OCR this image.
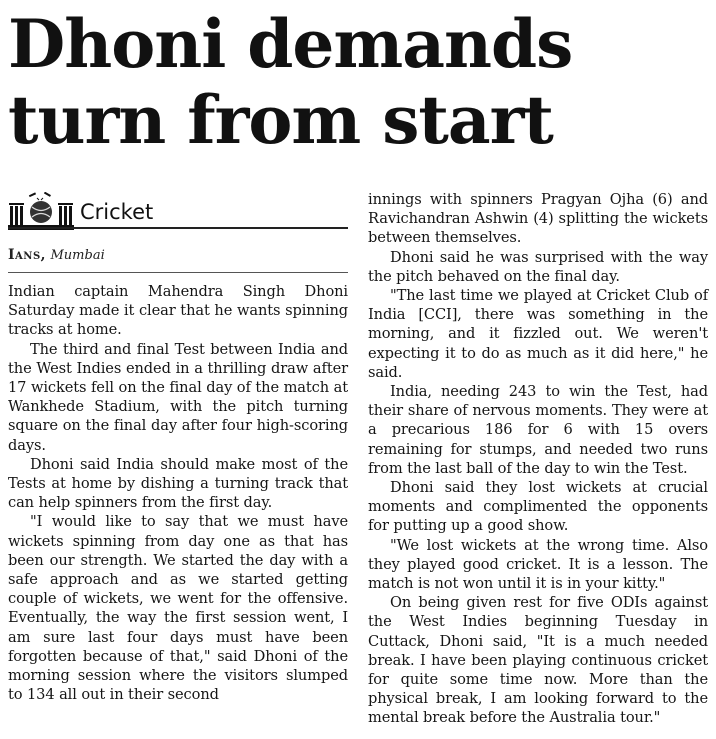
Dhoni demands
turn from start
Cricket
Ians, Mumbai

Indian captain Mahendra Singh Dhoni Saturday made it clear that he wants spinning tracks at home.

The third and final Test between India and the West Indies ended in a thrilling draw after 17 wickets fell on the final day of the match at Wankhede Stadium, with the pitch turning square on the final day after four high-scoring days.

Dhoni said India should make most of the Tests at home by dishing a turning track that can help spinners from the first day.

"I would like to say that we must have wickets spinning from day one as that has been our strength. We started the day with a safe approach and as we started getting couple of wickets, we went for the offensive. Eventually, the way the first session went, I am sure last four days must have been forgotten because of that," said Dhoni of the morning session where the visitors slumped to 134 all out in their second

innings with spinners Pragyan Ojha (6) and Ravichandran Ashwin (4) splitting the wickets between themselves.

Dhoni said he was surprised with the way the pitch behaved on the final day.

"The last time we played at Cricket Club of India [CCI], there was something in the morning, and it fizzled out. We weren't expecting it to do as much as it did here," he said.

India, needing 243 to win the Test, had their share of nervous moments. They were at a precarious 186 for 6 with 15 overs remaining for stumps, and needed two runs from the last ball of the day to win the Test.

Dhoni said they lost wickets at crucial moments and complimented the opponents for putting up a good show.

"We lost wickets at the wrong time. Also they played good cricket. It is a lesson. The match is not won until it is in your kitty."

On being given rest for five ODIs against the West Indies beginning Tuesday in Cuttack, Dhoni said, "It is a much needed break. I have been playing continuous cricket for quite some time now. More than the physical break, I am looking forward to the mental break before the Australia tour."
